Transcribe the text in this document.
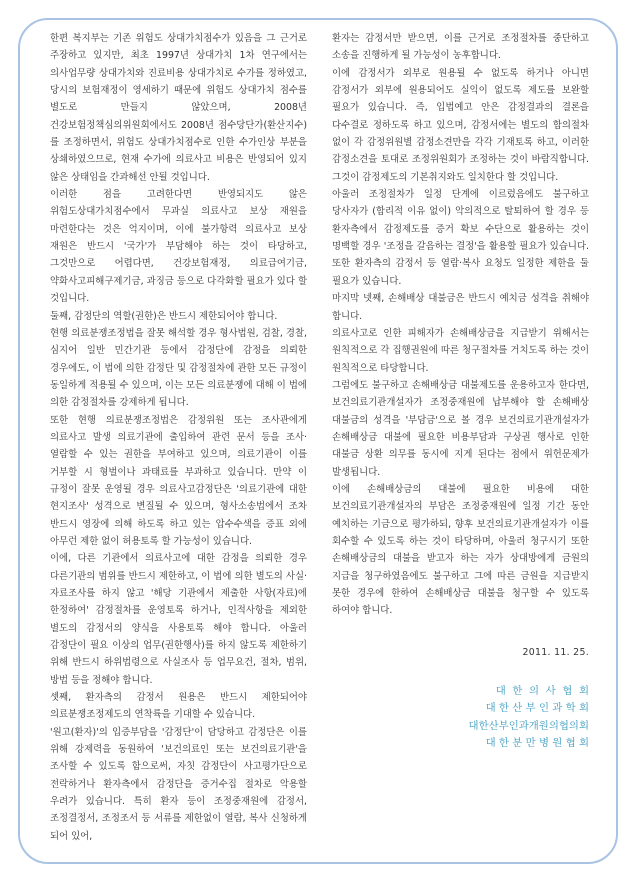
한편 복지부는 기존 위험도 상대가치점수가 있음을 그 근거로 주장하고 있지만, 최초 1997년 상대가치 1차 연구에서는 의사업무량 상대가치와 진료비용 상대가치로 수가를 정하였고, 당시의 보험재정이 영세하기 때문에 위험도 상대가치 점수를 별도로 만들지 않았으며, 2008년 건강보험정책심의위원회에서도 2008년 점수당단가(환산지수)를 조정하면서, 위험도 상대가치점수로 인한 수가인상 부분을 상쇄하였으므로, 현재 수가에 의료사고 비용은 반영되어 있지 않은 상태임을 간과해선 안될 것입니다.

이러한 점을 고려한다면 반영되지도 않은 위험도상대가치점수에서 무과실 의료사고 보상 재원을 마련한다는 것은 억지이며, 이에 불가항력 의료사고 보상 재원은 반드시 '국가'가 부담해야 하는 것이 타당하고, 그것만으로 어렵다면, 건강보험재정, 의료급여기금, 약화사고피해구제기금, 과징금 등으로 다각화할 필요가 있다 할 것입니다.

둘째, 감정단의 역할(권한)은 반드시 제한되어야 합니다.

현행 의료분쟁조정법을 잘못 해석할 경우 형사법원, 검찰, 경찰, 심지어 일반 민간기관 등에서 감정단에 감정을 의뢰한 경우에도, 이 법에 의한 감정단 및 감정절차에 관한 모든 규정이 동일하게 적용될 수 있으며, 이는 모든 의료분쟁에 대해 이 법에 의한 감정절차를 강제하게 됩니다.

또한 현행 의료분쟁조정법은 감정위원 또는 조사관에게 의료사고 발생 의료기관에 출입하여 관련 문서 등을 조사·열람할 수 있는 권한을 부여하고 있으며, 의료기관이 이를 거부할 시 형벌이나 과태료를 부과하고 있습니다. 만약 이 규정이 잘못 운영될 경우 의료사고감정단은 '의료기관에 대한 현지조사' 성격으로 변질될 수 있으며, 형사소송법에서 조차 반드시 영장에 의해 하도록 하고 있는 압수수색을 증표 외에 아무런 제한 없이 허용토록 할 가능성이 있습니다.

이에, 다른 기관에서 의료사고에 대한 감정을 의뢰한 경우 다른기관의 범위를 반드시 제한하고, 이 법에 의한 별도의 사실·자료조사를 하지 않고 '해당 기관에서 제출한 사항(자료)에 한정하여' 감정절차를 운영토록 하거나, 인적사항을 제외한 별도의 감정서의 양식을 사용토록 해야 합니다. 아울러 감정단이 필요 이상의 업무(권한행사)를 하지 않도록 제한하기 위해 반드시 하위법령으로 사실조사 등 업무요건, 절차, 범위, 방법 등을 정해야 합니다.

셋째, 환자측의 감정서 원용은 반드시 제한되어야 의료분쟁조정제도의 연착륙을 기대할 수 있습니다.

'원고(환자)'의 입증부담을 '감정단'이 담당하고 감정단은 이를 위해 강제력을 동원하여 '보건의료인 또는 보건의료기관'을 조사할 수 있도록 함으로써, 자칫 감정단이 사고평가단으로 전락하거나 환자측에서 감정단을 증거수집 절차로 악용할 우려가 있습니다. 특히 환자 등이 조정중재원에 감정서, 조정결정서, 조정조서 등 서류를 제한없이 열람, 복사 신청하게 되어 있어,

환자는 감정서만 받으면, 이를 근거로 조정절차를 중단하고 소송을 진행하게 될 가능성이 농후합니다.

이에 감정서가 외부로 원용될 수 없도록 하거나 아니면 감정서가 외부에 원용되어도 실익이 없도록 제도를 보완할 필요가 있습니다. 즉, 입법예고 안은 감정결과의 결론을 다수결로 정하도록 하고 있으며, 감정서에는 별도의 합의절차 없이 각 감정위원별 감정소견만을 각각 기재토록 하고, 이러한 감정소견을 토대로 조정위원회가 조정하는 것이 바람직합니다. 그것이 감정제도의 기본취지와도 일치한다 할 것입니다.

아울러 조정절차가 일정 단계에 이르렀음에도 불구하고 당사자가 (합리적 이유 없이) 악의적으로 탈퇴하여 할 경우 등 환자측에서 감정제도를 증거 확보 수단으로 활용하는 것이 명백할 경우 '조정을 갈음하는 결정'을 활용할 필요가 있습니다. 또한 환자측의 감정서 등 열람·복사 요청도 일정한 제한을 둘 필요가 있습니다.

마지막 넷째, 손해배상 대불금은 반드시 예치금 성격을 취해야 합니다.

의료사고로 인한 피해자가 손해배상금을 지급받기 위해서는 원칙적으로 각 집행권원에 따른 청구절차를 거치도록 하는 것이 원칙적으로 타당합니다.

그럼에도 불구하고 손해배상금 대불제도를 운용하고자 한다면, 보건의료기관개설자가 조정중재원에 납부해야 할 손해배상 대불금의 성격을 '부담금'으로 볼 경우 보건의료기관개설자가 손해배상금 대불에 필요한 비용부담과 구상권 행사로 인한 대불금 상환 의무를 동시에 지게 된다는 점에서 위헌문제가 발생됩니다.

이에 손해배상금의 대불에 필요한 비용에 대한 보건의료기관개설자의 부담은 조정중재원에 일정 기간 동안 예치하는 기금으로 평가하되, 향후 보건의료기관개설자가 이를 회수할 수 있도록 하는 것이 타당하며, 아울러 청구시기 또한 손해배상금의 대불을 받고자 하는 자가 상대방에게 금원의 지급을 청구하였음에도 불구하고 그에 따른 금원을 지급받지 못한 경우에 한하여 손해배상금 대불을 청구할 수 있도록 하여야 합니다.

2011. 11. 25.

대  한  의  사  협  회
대 한 산 부 인 과 학 회
대한산부인과개원의협의회
대 한 분 만 병 원 협 회
